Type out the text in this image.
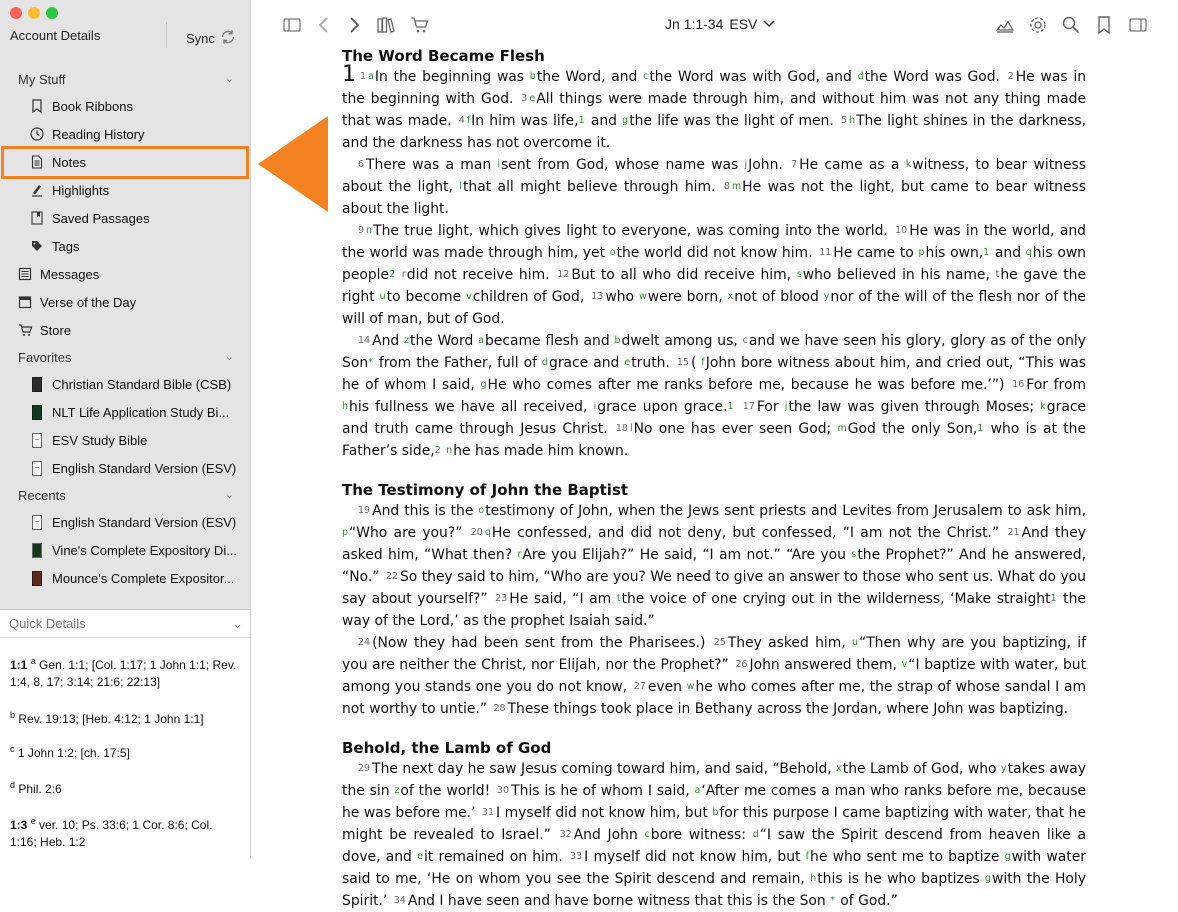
Account Details	Sync
My Stuff	⌄
Book Ribbons
Reading History
Notes
Highlights
Saved Passages
Tags
Messages
Verse of the Day
Store
Favorites	⌄
Christian Standard Bible (CSB)
NLT Life Application Study Bi...
ESV Study Bible
English Standard Version (ESV)
Recents	⌄
English Standard Version (ESV)
Vine's Complete Expository Di...
Mounce's Complete Expositor...
Quick Details	⌄
1:1 $^a$ Gen. 1:1; [Col. 1:17; 1 John 1:1; Rev. 1:4, 8, 17; 3:14; 21:6; 22:13]
$^b$ Rev. 19:13; [Heb. 4:12; 1 John 1:1]
$^c$ 1 John 1:2; [ch. 17:5]
$^d$ Phil. 2:6
1:3 $^e$ ver. 10; Ps. 33:6; 1 Cor. 8:6; Col. 1:16; Heb. 1:2
Jn 1:1-34 ESV
The Word Became Flesh

1 $^1$ $^a$In the beginning was $^b$the Word, and $^c$the Word was with God, and $^d$the Word was God. $^2$ He was in the beginning with God. $^3$ $^e$All things were made through him, and without him was not any thing made that was made. $^4$ $^f$In him was life,$^1$ and $^g$the life was the light of men. $^5$ $^h$The light shines in the darkness, and the darkness has not overcome it.

$^6$ There was a man $^i$sent from God, whose name was $^j$John. $^7$ He came as a $^k$witness, to bear witness about the light, $^l$that all might believe through him. $^8$ $^m$He was not the light, but came to bear witness about the light.

$^9$ $^n$The true light, which gives light to everyone, was coming into the world. $^{10}$ He was in the world, and the world was made through him, yet $^o$the world did not know him. $^{11}$ He came to $^p$his own,$^1$ and $^q$his own people$^2$ $^r$did not receive him. $^{12}$ But to all who did receive him, $^s$who believed in his name, $^t$he gave the right $^u$to become $^v$children of God, $^{13}$ who $^w$were born, $^x$not of blood $^y$nor of the will of the flesh nor of the will of man, but of God.

$^{14}$ And $^z$the Word $^a$became flesh and $^b$dwelt among us, $^c$and we have seen his glory, glory as of the only Son* from the Father, full of $^d$grace and $^e$truth. $^{15}$ ( $^f$John bore witness about him, and cried out, “This was he of whom I said, $^g$He who comes after me ranks before me, because he was before me.’”) $^{16}$ For from $^h$his fullness we have all received, $^i$grace upon grace.$^1$ $^{17}$ For $^j$the law was given through Moses; $^k$grace and truth came through Jesus Christ. $^{18}$ $^l$No one has ever seen God; $^m$God the only Son,$^1$ who is at the Father’s side,$^2$ $^n$he has made him known.

The Testimony of John the Baptist

$^{19}$ And this is the $^o$testimony of John, when the Jews sent priests and Levites from Jerusalem to ask him, $^p$“Who are you?” $^{20}$ $^q$He confessed, and did not deny, but confessed, “I am not the Christ.” $^{21}$ And they asked him, “What then? $^r$Are you Elijah?” He said, “I am not.” “Are you $^s$the Prophet?” And he answered, “No.” $^{22}$ So they said to him, “Who are you? We need to give an answer to those who sent us. What do you say about yourself?” $^{23}$ He said, “I am $^t$the voice of one crying out in the wilderness, ‘Make straight$^1$ the way of the Lord,’ as the prophet Isaiah said.”

$^{24}$ (Now they had been sent from the Pharisees.) $^{25}$ They asked him, $^u$“Then why are you baptizing, if you are neither the Christ, nor Elijah, nor the Prophet?” $^{26}$ John answered them, $^v$“I baptize with water, but among you stands one you do not know, $^{27}$ even $^w$he who comes after me, the strap of whose sandal I am not worthy to untie.” $^{28}$ These things took place in Bethany across the Jordan, where John was baptizing.

Behold, the Lamb of God

$^{29}$ The next day he saw Jesus coming toward him, and said, “Behold, $^x$the Lamb of God, who $^y$takes away the sin $^z$of the world! $^{30}$ This is he of whom I said, $^a$‘After me comes a man who ranks before me, because he was before me.’ $^{31}$ I myself did not know him, but $^b$for this purpose I came baptizing with water, that he might be revealed to Israel.” $^{32}$ And John $^c$bore witness: $^d$“I saw the Spirit descend from heaven like a dove, and $^e$it remained on him. $^{33}$ I myself did not know him, but $^f$he who sent me to baptize $^g$with water said to me, ‘He on whom you see the Spirit descend and remain, $^h$this is he who baptizes $^g$with the Holy Spirit.’ $^{34}$ And I have seen and have borne witness that this is the Son * of God.”
